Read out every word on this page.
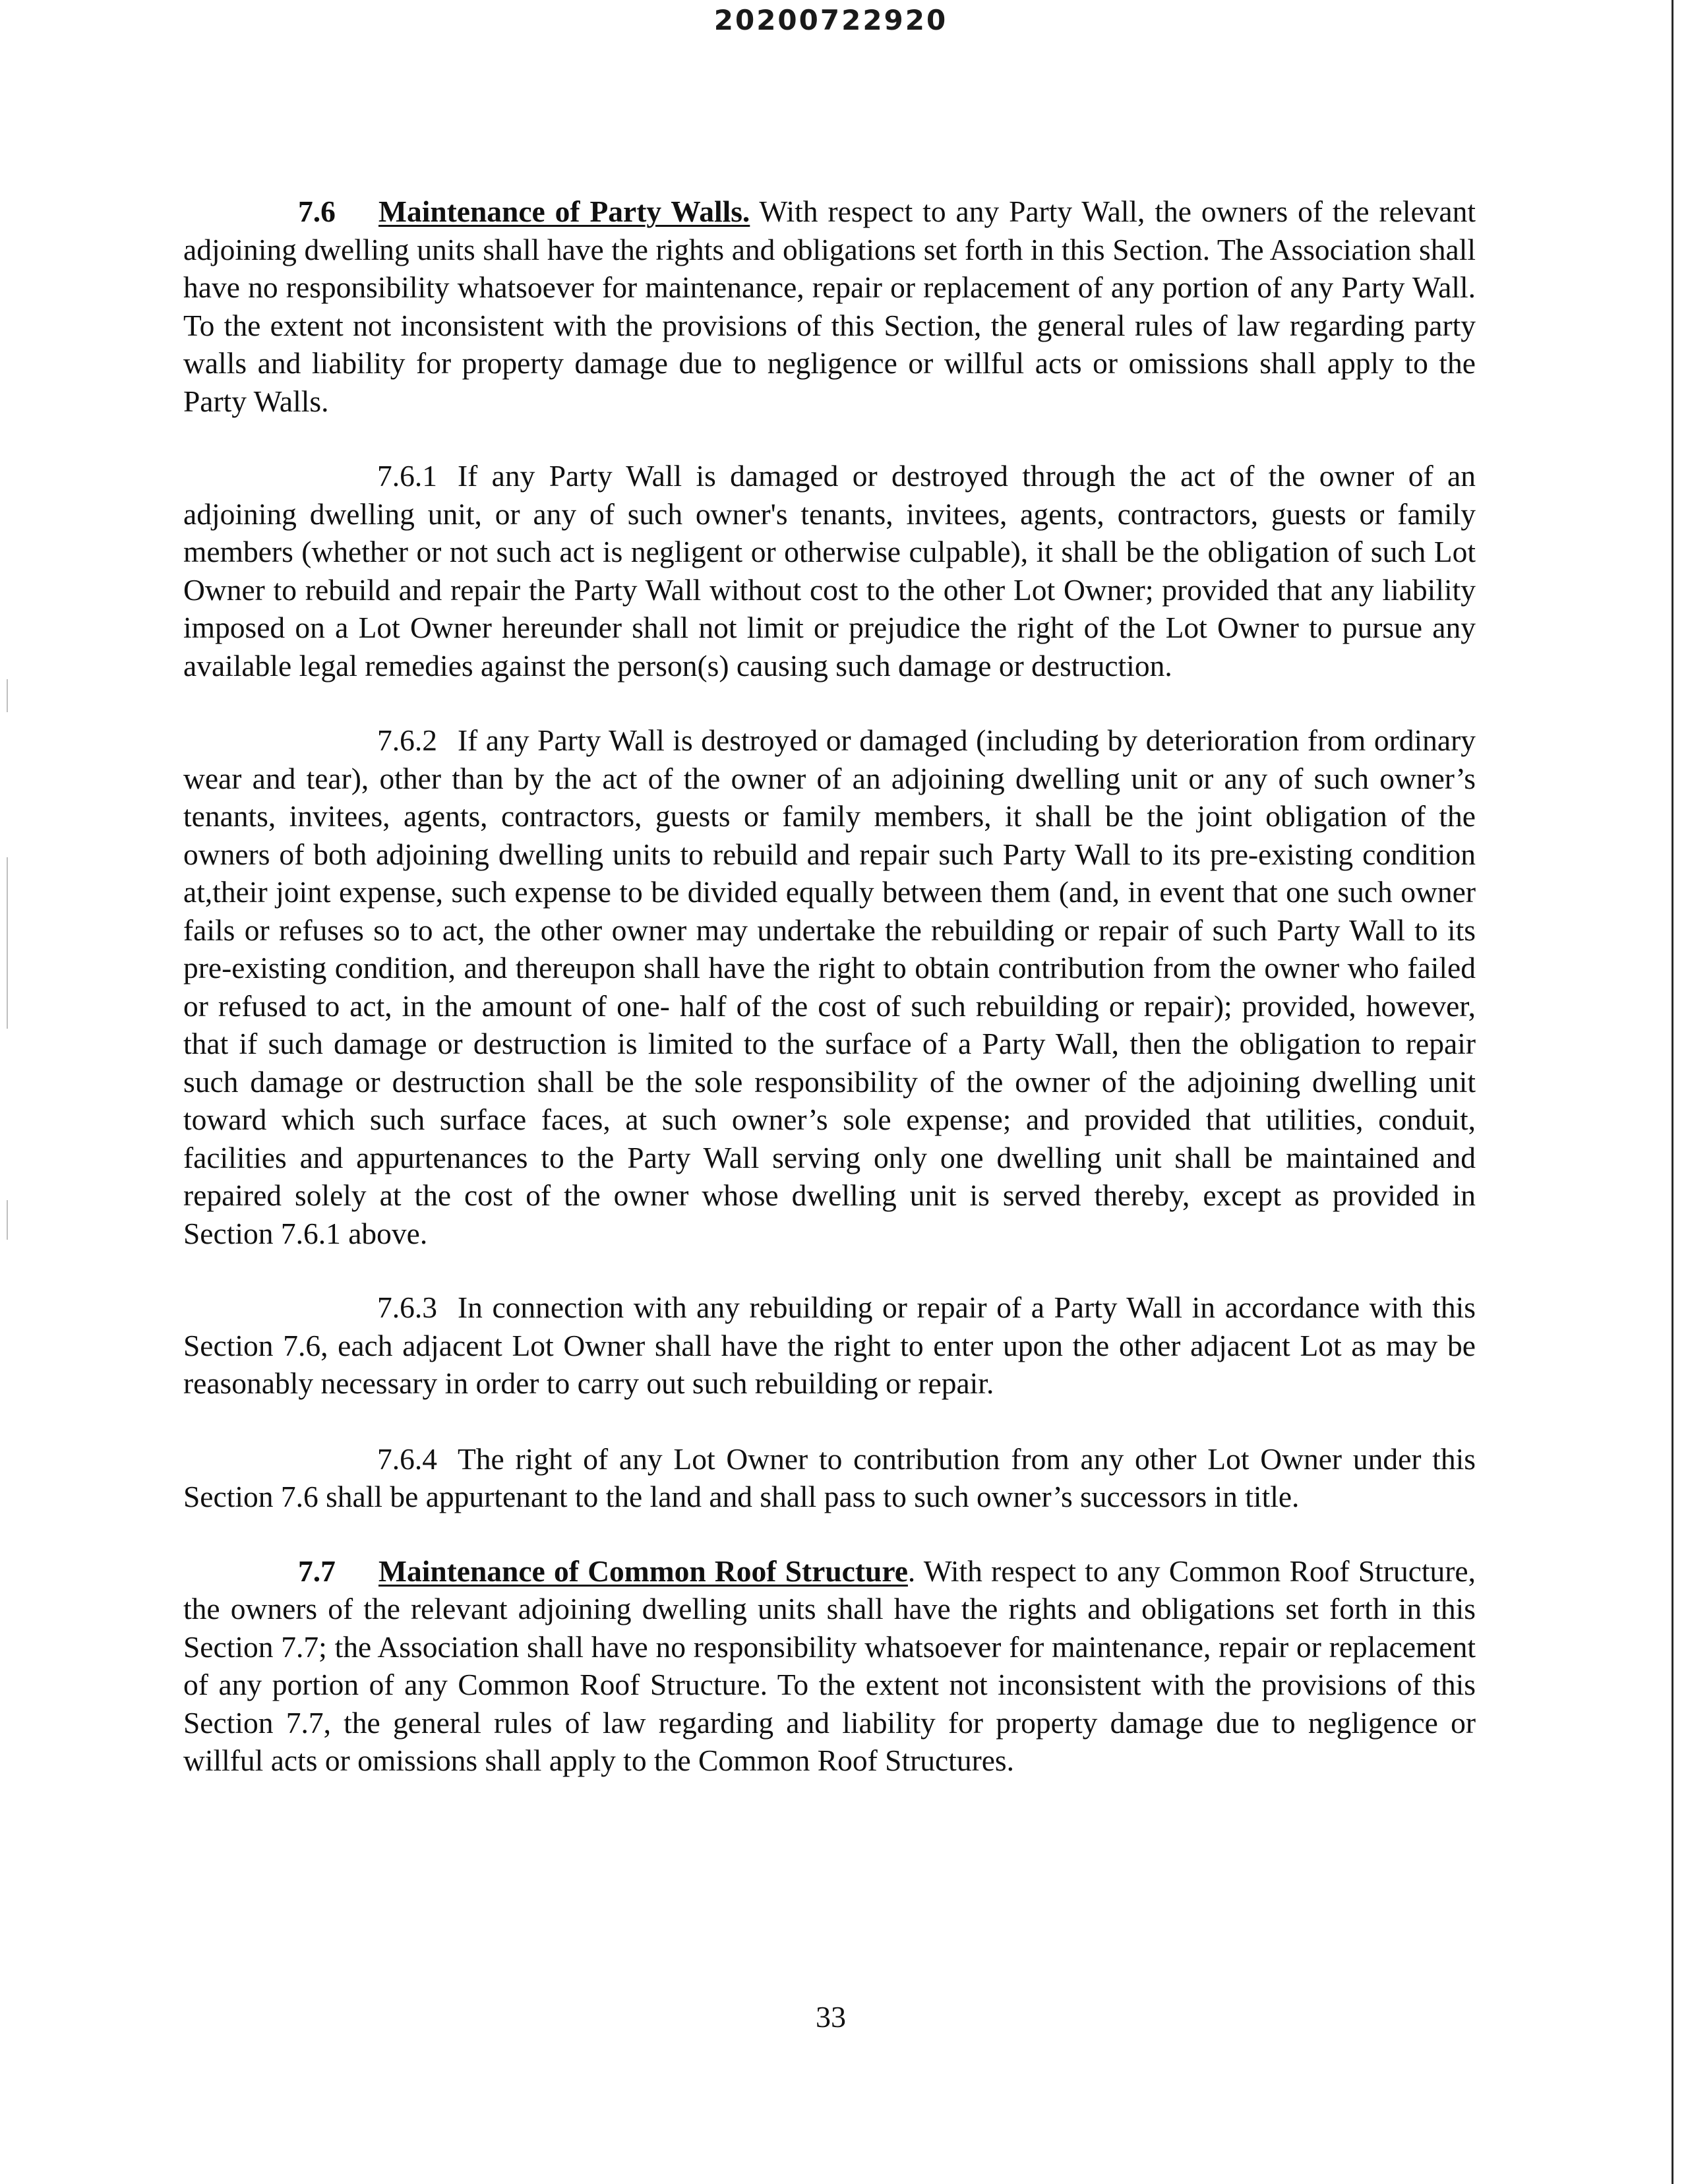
20200722920

7.6 Maintenance of Party Walls. With respect to any Party Wall, the owners of the relevant adjoining dwelling units shall have the rights and obligations set forth in this Section. The Association shall have no responsibility whatsoever for maintenance, repair or replacement of any portion of any Party Wall. To the extent not inconsistent with the provisions of this Section, the general rules of law regarding party walls and liability for property damage due to negligence or willful acts or omissions shall apply to the Party Walls.

7.6.1 If any Party Wall is damaged or destroyed through the act of the owner of an adjoining dwelling unit, or any of such owner's tenants, invitees, agents, contractors, guests or family members (whether or not such act is negligent or otherwise culpable), it shall be the obligation of such Lot Owner to rebuild and repair the Party Wall without cost to the other Lot Owner; provided that any liability imposed on a Lot Owner hereunder shall not limit or prejudice the right of the Lot Owner to pursue any available legal remedies against the person(s) causing such damage or destruction.

7.6.2 If any Party Wall is destroyed or damaged (including by deterioration from ordinary wear and tear), other than by the act of the owner of an adjoining dwelling unit or any of such owner’s tenants, invitees, agents, contractors, guests or family members, it shall be the joint obligation of the owners of both adjoining dwelling units to rebuild and repair such Party Wall to its pre-existing condition at,their joint expense, such expense to be divided equally between them (and, in event that one such owner fails or refuses so to act, the other owner may undertake the rebuilding or repair of such Party Wall to its pre-existing condition, and thereupon shall have the right to obtain contribution from the owner who failed or refused to act, in the amount of one- half of the cost of such rebuilding or repair); provided, however, that if such damage or destruction is limited to the surface of a Party Wall, then the obligation to repair such damage or destruction shall be the sole responsibility of the owner of the adjoining dwelling unit toward which such surface faces, at such owner’s sole expense; and provided that utilities, conduit, facilities and appurtenances to the Party Wall serving only one dwelling unit shall be maintained and repaired solely at the cost of the owner whose dwelling unit is served thereby, except as provided in Section 7.6.1 above.

7.6.3 In connection with any rebuilding or repair of a Party Wall in accordance with this Section 7.6, each adjacent Lot Owner shall have the right to enter upon the other adjacent Lot as may be reasonably necessary in order to carry out such rebuilding or repair.

7.6.4 The right of any Lot Owner to contribution from any other Lot Owner under this Section 7.6 shall be appurtenant to the land and shall pass to such owner’s successors in title.

7.7 Maintenance of Common Roof Structure. With respect to any Common Roof Structure, the owners of the relevant adjoining dwelling units shall have the rights and obligations set forth in this Section 7.7; the Association shall have no responsibility whatsoever for maintenance, repair or replacement of any portion of any Common Roof Structure. To the extent not inconsistent with the provisions of this Section 7.7, the general rules of law regarding and liability for property damage due to negligence or willful acts or omissions shall apply to the Common Roof Structures.

33
